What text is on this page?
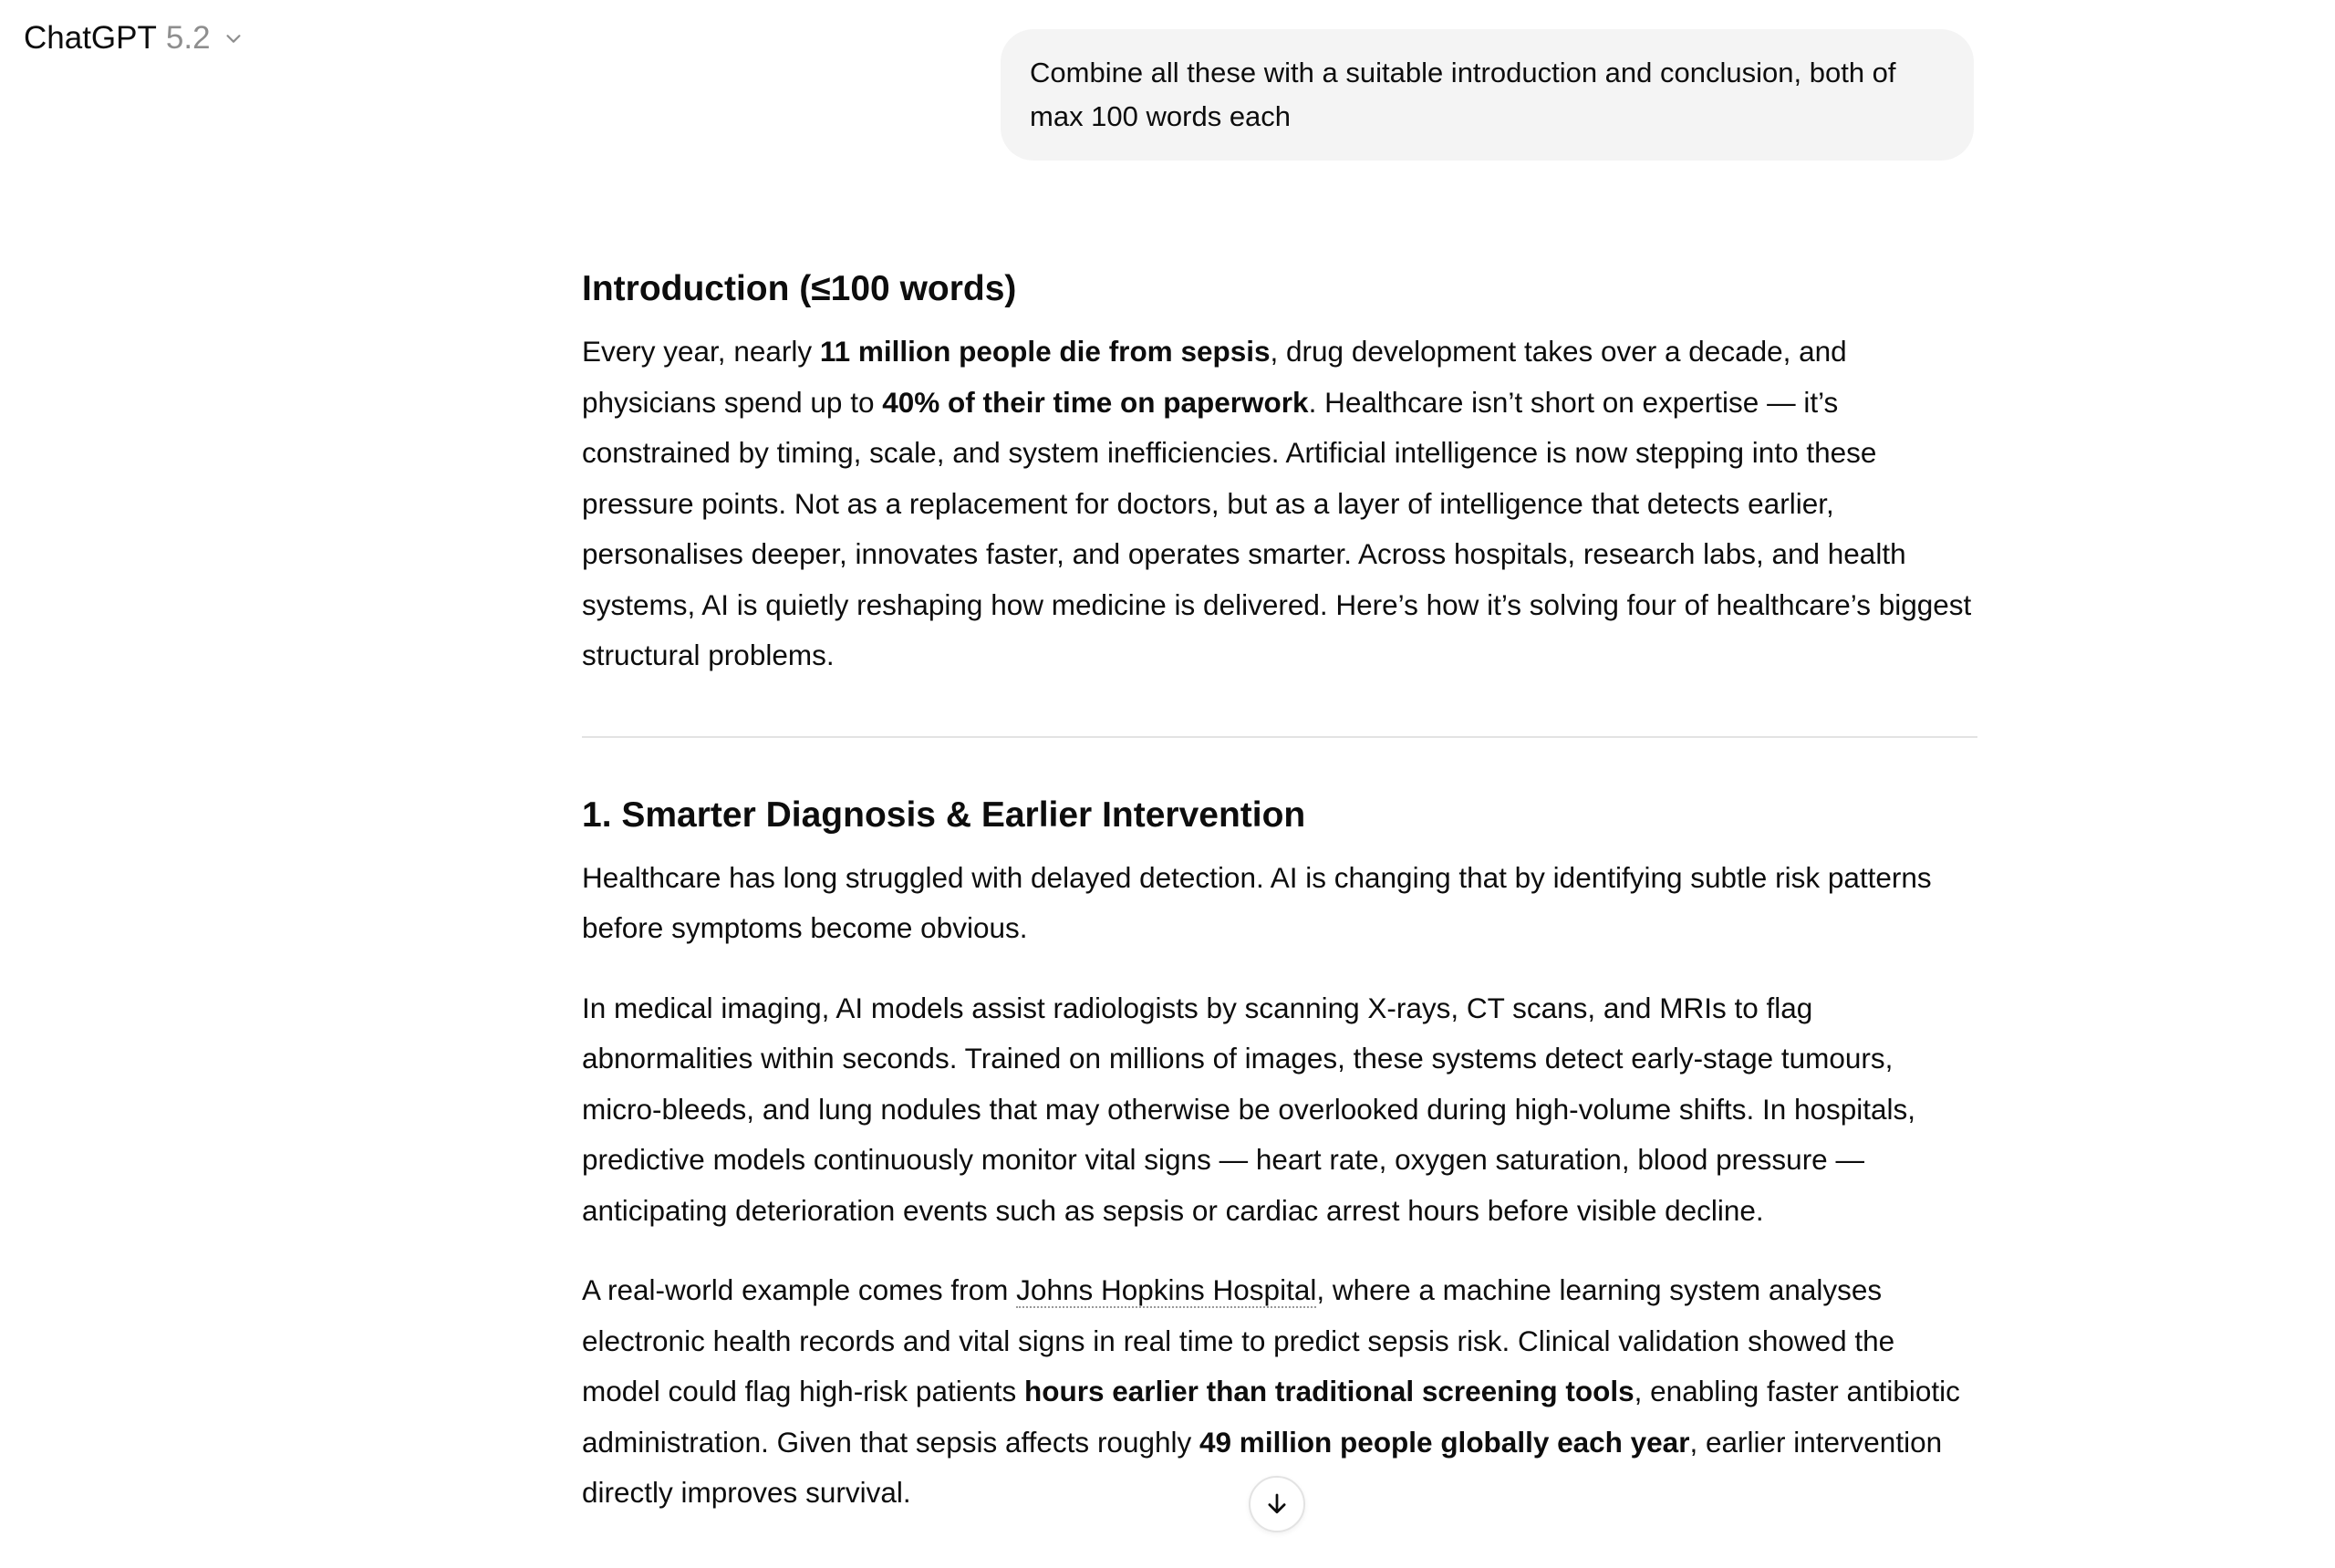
ChatGPT 5.2
Combine all these with a suitable introduction and conclusion, both of max 100 words each
Introduction (≤100 words)

Every year, nearly 11 million people die from sepsis, drug development takes over a decade, and physicians spend up to 40% of their time on paperwork. Healthcare isn’t short on expertise — it’s constrained by timing, scale, and system inefficiencies. Artificial intelligence is now stepping into these pressure points. Not as a replacement for doctors, but as a layer of intelligence that detects earlier, personalises deeper, innovates faster, and operates smarter. Across hospitals, research labs, and health systems, AI is quietly reshaping how medicine is delivered. Here’s how it’s solving four of healthcare’s biggest structural problems.

1. Smarter Diagnosis & Earlier Intervention

Healthcare has long struggled with delayed detection. AI is changing that by identifying subtle risk patterns before symptoms become obvious.

In medical imaging, AI models assist radiologists by scanning X-rays, CT scans, and MRIs to flag abnormalities within seconds. Trained on millions of images, these systems detect early-stage tumours, micro-bleeds, and lung nodules that may otherwise be overlooked during high-volume shifts. In hospitals, predictive models continuously monitor vital signs — heart rate, oxygen saturation, blood pressure — anticipating deterioration events such as sepsis or cardiac arrest hours before visible decline.

A real-world example comes from Johns Hopkins Hospital, where a machine learning system analyses electronic health records and vital signs in real time to predict sepsis risk. Clinical validation showed the model could flag high-risk patients hours earlier than traditional screening tools, enabling faster antibiotic administration. Given that sepsis affects roughly 49 million people globally each year, earlier intervention directly improves survival.
